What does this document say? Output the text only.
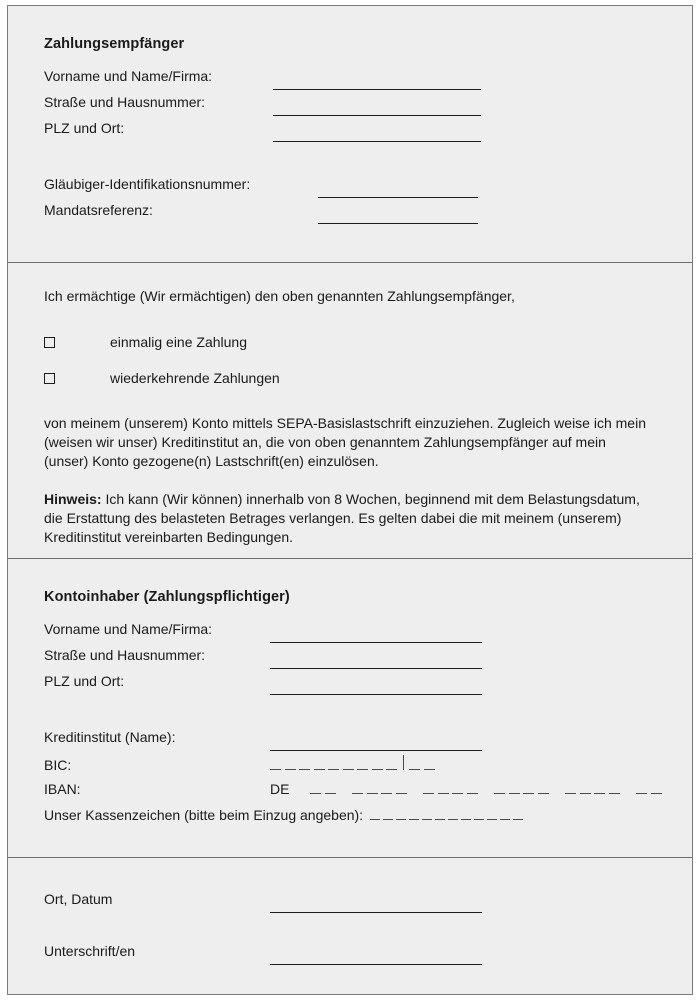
Zahlungsempfänger
Vorname und Name/Firma:
Straße und Hausnummer:
PLZ und Ort:
Gläubiger-Identifikationsnummer:
Mandatsreferenz:

Ich ermächtige (Wir ermächtigen) den oben genannten Zahlungsempfänger,

einmalig eine Zahlung
wiederkehrende Zahlungen

von meinem (unserem) Konto mittels SEPA-Basislastschrift einzuziehen. Zugleich weise ich mein (weisen wir unser) Kreditinstitut an, die von oben genanntem Zahlungsempfänger auf mein (unser) Konto gezogene(n) Lastschrift(en) einzulösen.

Hinweis: Ich kann (Wir können) innerhalb von 8 Wochen, beginnend mit dem Belastungsdatum, die Erstattung des belasteten Betrages verlangen. Es gelten dabei die mit meinem (unserem) Kreditinstitut vereinbarten Bedingungen.

Kontoinhaber (Zahlungspflichtiger)
Vorname und Name/Firma:
Straße und Hausnummer:
PLZ und Ort:
Kreditinstitut (Name):
BIC:
IBAN:	DE
Unser Kassenzeichen (bitte beim Einzug angeben):
Ort, Datum
Unterschrift/en
